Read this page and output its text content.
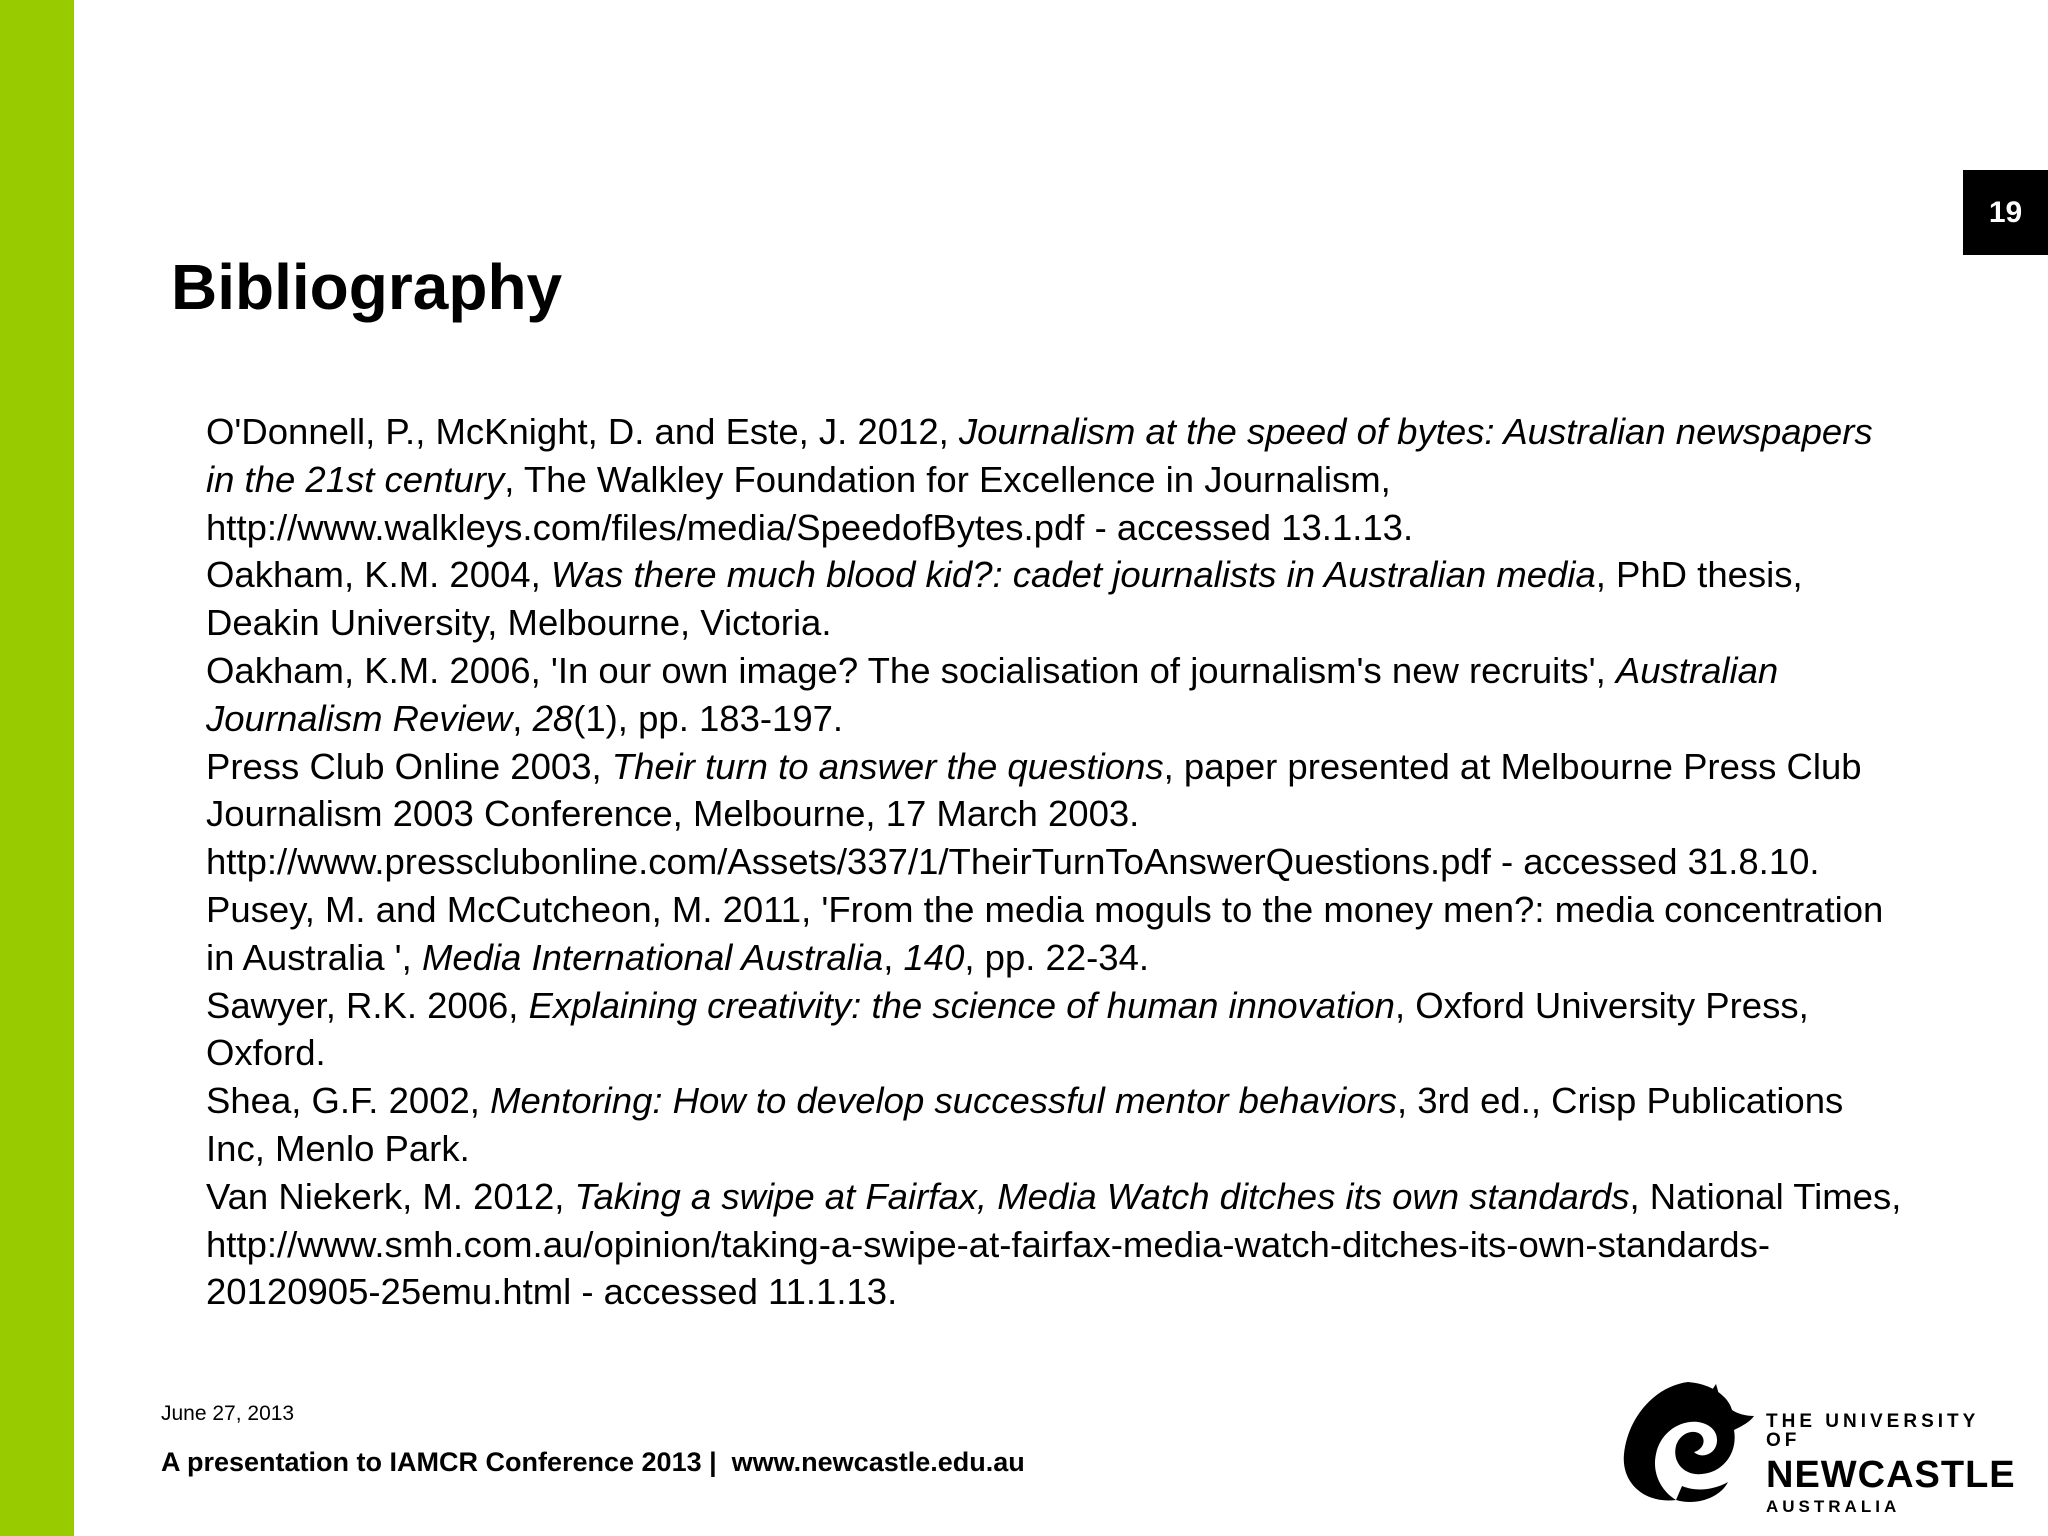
19
Bibliography
O'Donnell, P., McKnight, D. and Este, J. 2012, Journalism at the speed of bytes: Australian newspapers in the 21st century, The Walkley Foundation for Excellence in Journalism, http://www.walkleys.com/files/media/SpeedofBytes.pdf - accessed 13.1.13.
Oakham, K.M. 2004, Was there much blood kid?: cadet journalists in Australian media, PhD thesis, Deakin University, Melbourne, Victoria.
Oakham, K.M. 2006, 'In our own image? The socialisation of journalism's new recruits', Australian Journalism Review, 28(1), pp. 183-197.
Press Club Online 2003, Their turn to answer the questions, paper presented at Melbourne Press Club Journalism 2003 Conference, Melbourne, 17 March 2003. http://www.pressclubonline.com/Assets/337/1/TheirTurnToAnswerQuestions.pdf - accessed 31.8.10.
Pusey, M. and McCutcheon, M. 2011, 'From the media moguls to the money men?: media concentration in Australia ', Media International Australia, 140, pp. 22-34.
Sawyer, R.K. 2006, Explaining creativity: the science of human innovation, Oxford University Press, Oxford.
Shea, G.F. 2002, Mentoring: How to develop successful mentor behaviors, 3rd ed., Crisp Publications Inc, Menlo Park.
Van Niekerk, M. 2012, Taking a swipe at Fairfax, Media Watch ditches its own standards, National Times, http://www.smh.com.au/opinion/taking-a-swipe-at-fairfax-media-watch-ditches-its-own-standards-20120905-25emu.html - accessed 11.1.13.
June 27, 2013
A presentation to IAMCR Conference 2013 |  www.newcastle.edu.au
THE UNIVERSITY OF
NEWCASTLE
AUSTRALIA
